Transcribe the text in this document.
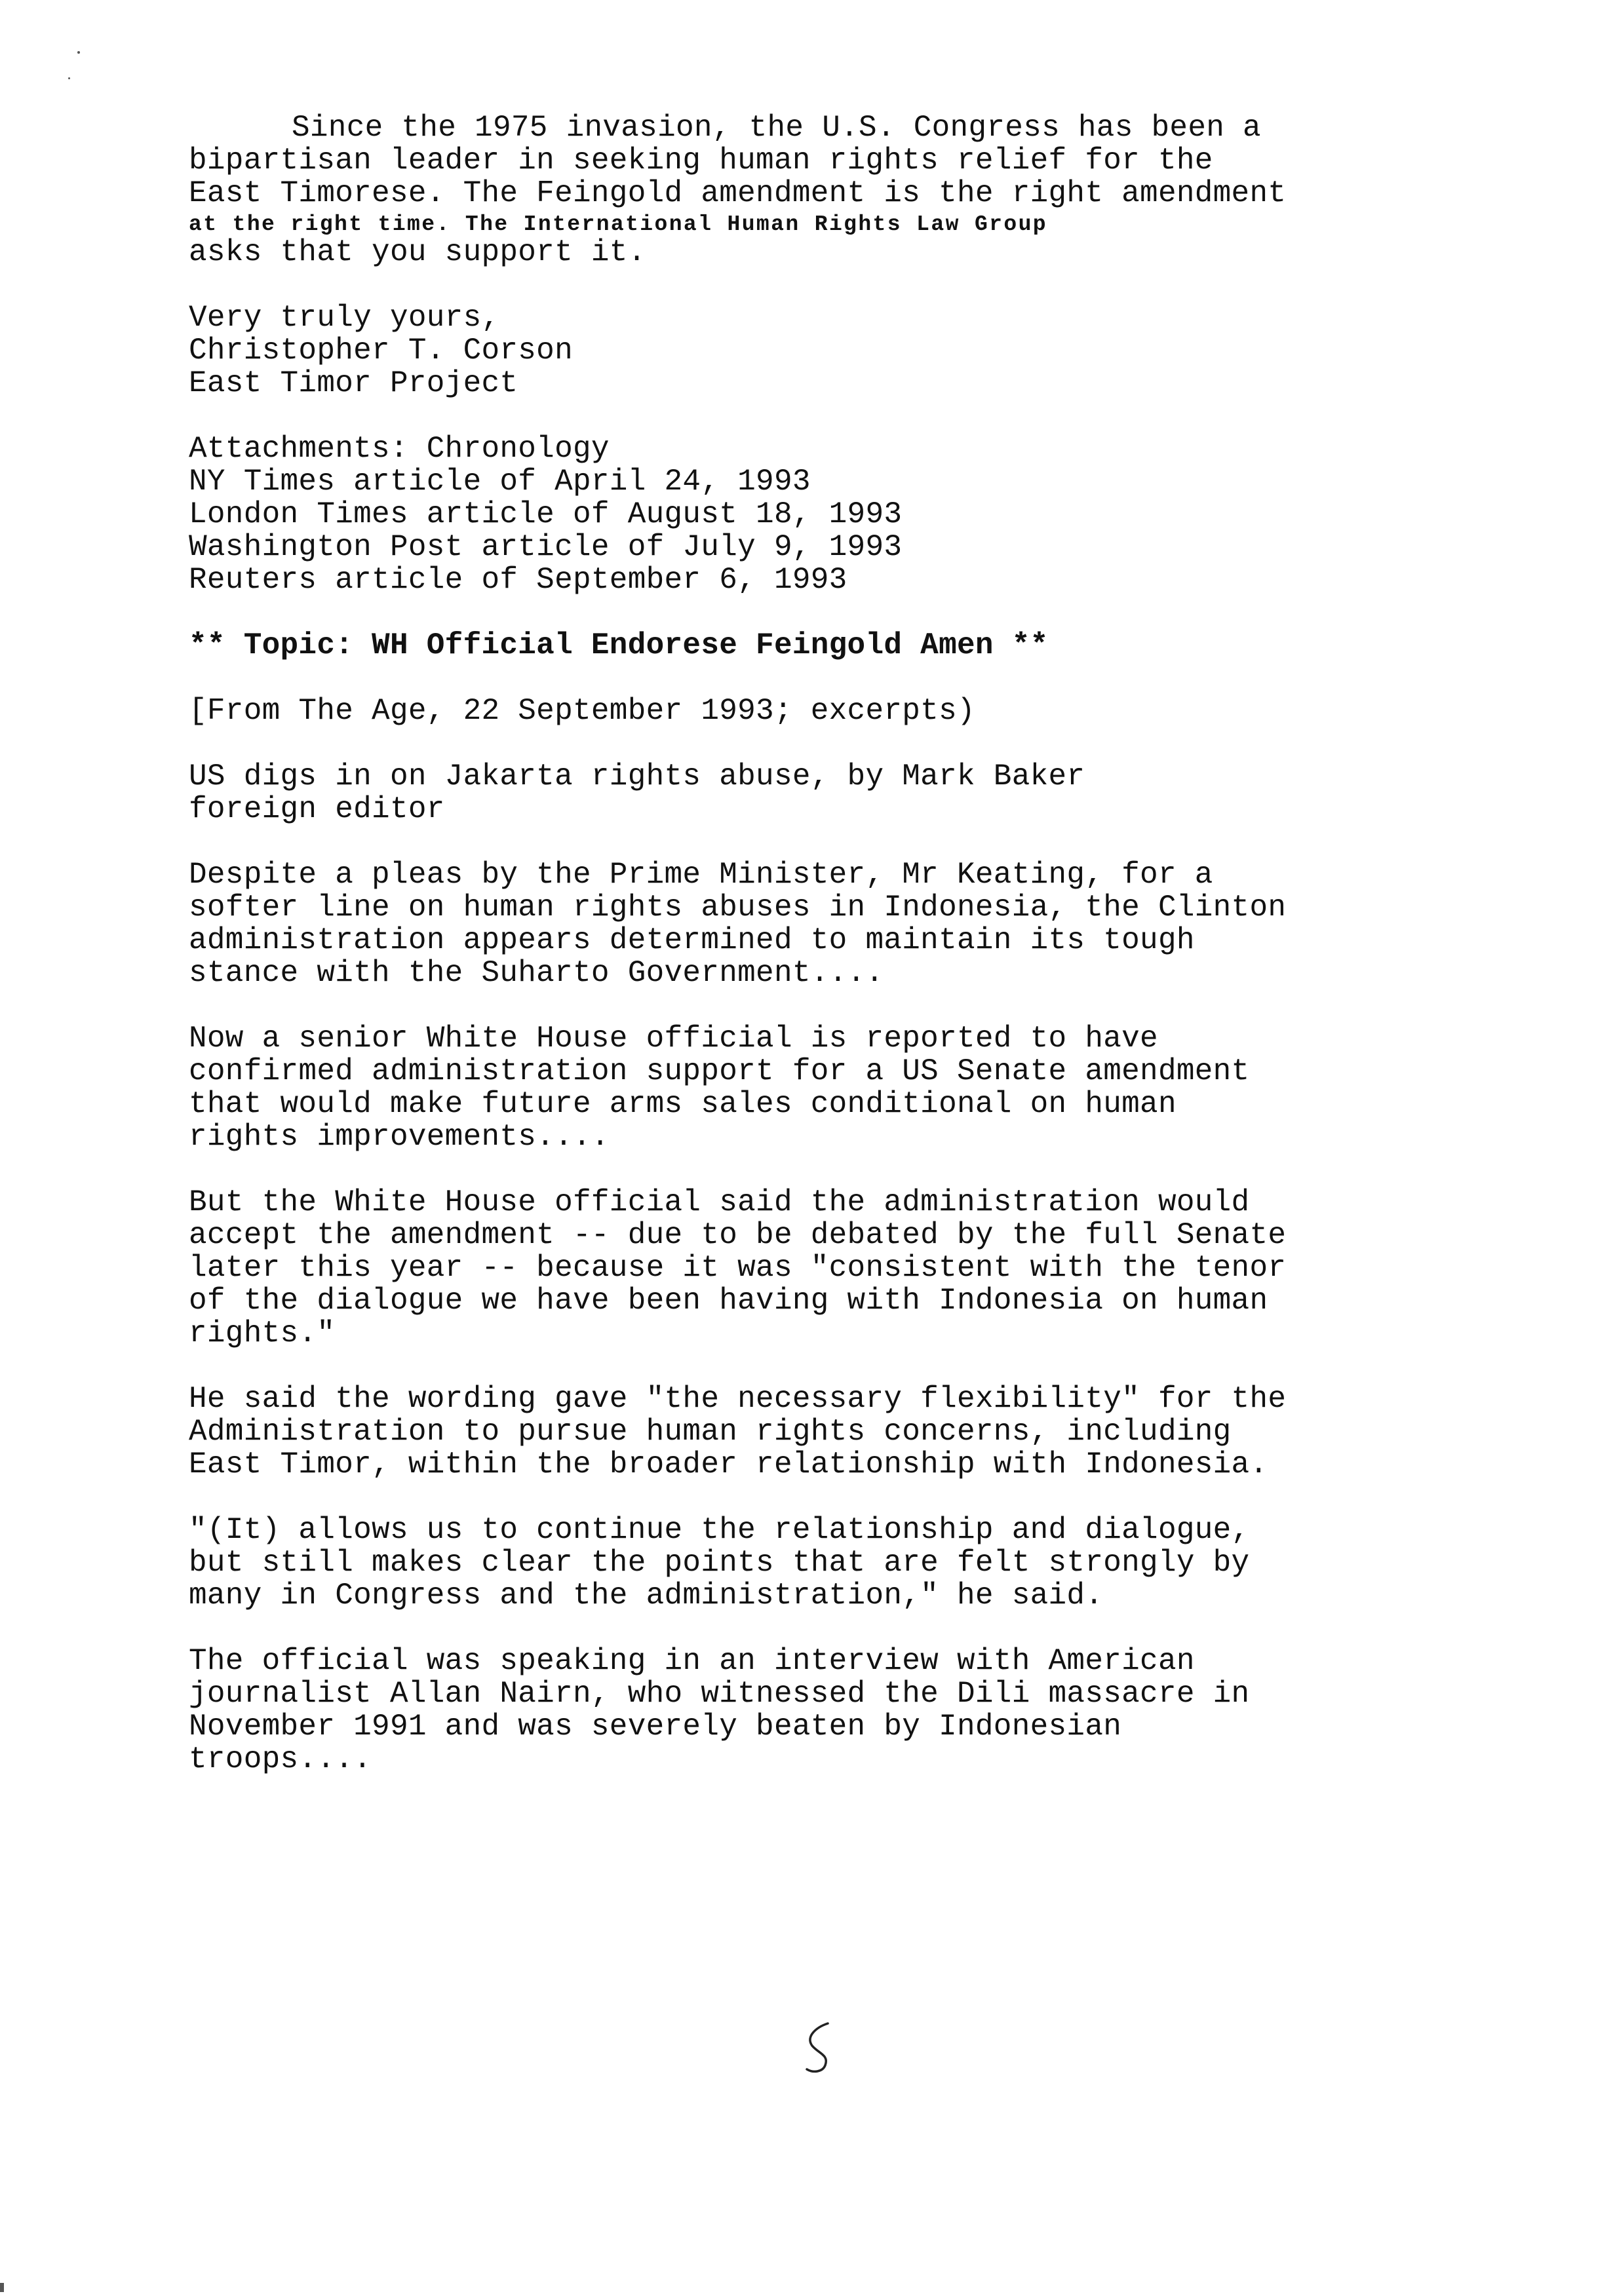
Since the 1975 invasion, the U.S. Congress has been a
bipartisan leader in seeking human rights relief for the
East Timorese. The Feingold amendment is the right amendment
at the right time. The International Human Rights Law Group
asks that you support it.
Very truly yours,
Christopher T. Corson
East Timor Project
Attachments: Chronology
NY Times article of April 24, 1993
London Times article of August 18, 1993
Washington Post article of July 9, 1993
Reuters article of September 6, 1993
** Topic: WH Official Endorese Feingold Amen **
[From The Age, 22 September 1993; excerpts)
US digs in on Jakarta rights abuse, by Mark Baker
foreign editor
Despite a pleas by the Prime Minister, Mr Keating, for a
softer line on human rights abuses in Indonesia, the Clinton
administration appears determined to maintain its tough
stance with the Suharto Government....
Now a senior White House official is reported to have
confirmed administration support for a US Senate amendment
that would make future arms sales conditional on human
rights improvements....
But the White House official said the administration would
accept the amendment -- due to be debated by the full Senate
later this year -- because it was "consistent with the tenor
of the dialogue we have been having with Indonesia on human
rights."
He said the wording gave "the necessary flexibility" for the
Administration to pursue human rights concerns, including
East Timor, within the broader relationship with Indonesia.
"(It) allows us to continue the relationship and dialogue,
but still makes clear the points that are felt strongly by
many in Congress and the administration," he said.
The official was speaking in an interview with American
journalist Allan Nairn, who witnessed the Dili massacre in
November 1991 and was severely beaten by Indonesian
troops....
